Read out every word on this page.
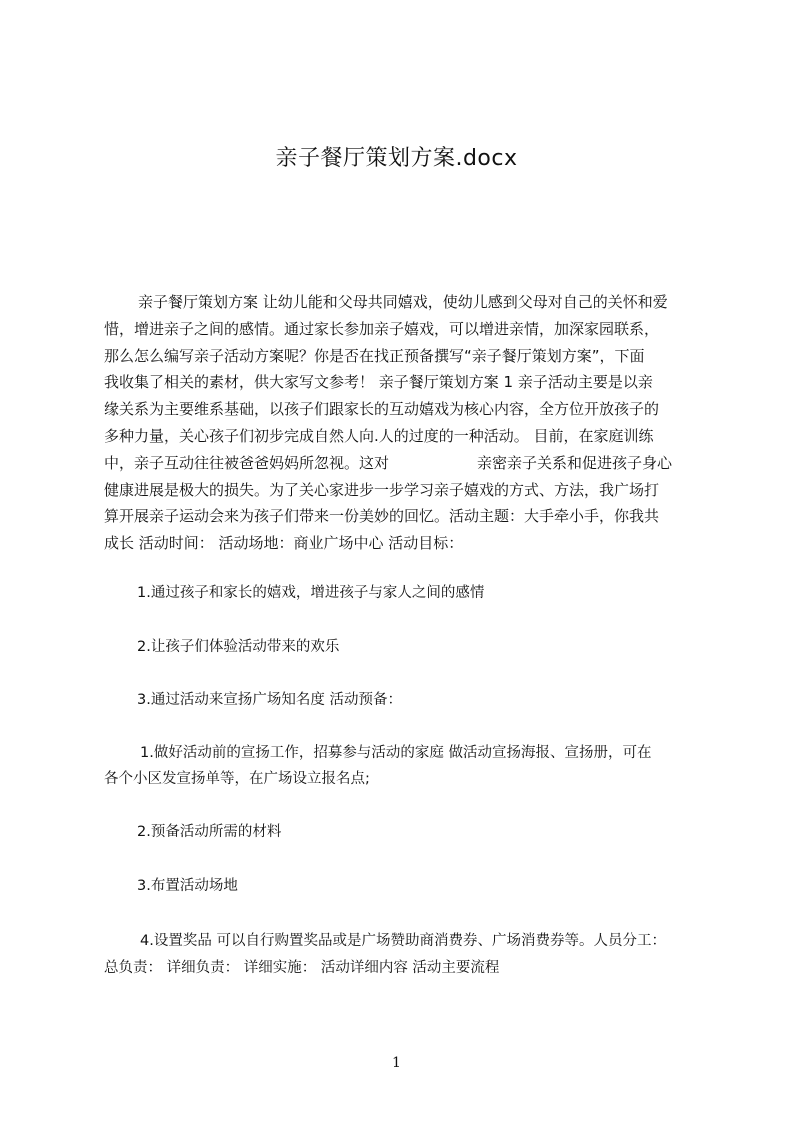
亲子餐厅策划方案.docx
亲子餐厅策划方案 让幼儿能和父母共同嬉戏，使幼儿感到父母对自己的关怀和爱
惜，增进亲子之间的感情。通过家长参加亲子嬉戏，可以增进亲情，加深家园联系，
那么怎么编写亲子活动方案呢？你是否在找正预备撰写“亲子餐厅策划方案”，下面
我收集了相关的素材，供大家写文参考！ 亲子餐厅策划方案 1 亲子活动主要是以亲
缘关系为主要维系基础，以孩子们跟家长的互动嬉戏为核心内容，全方位开放孩子的
多种力量，关心孩子们初步完成自然人向.人的过度的一种活动。 目前，在家庭训练
中，亲子互动往往被爸爸妈妈所忽视。这对	亲密亲子关系和促进孩子身心
健康进展是极大的损失。为了关心家进步一步学习亲子嬉戏的方式、方法，我广场打
算开展亲子运动会来为孩子们带来一份美妙的回忆。活动主题：大手牵小手，你我共
成长 活动时间： 活动场地：商业广场中心 活动目标：

1.通过孩子和家长的嬉戏，增进孩子与家人之间的感情

2.让孩子们体验活动带来的欢乐

3.通过活动来宣扬广场知名度 活动预备：

1.做好活动前的宣扬工作，招募参与活动的家庭 做活动宣扬海报、宣扬册，可在

各个小区发宣扬单等，在广场设立报名点;

2.预备活动所需的材料

3.布置活动场地

4.设置奖品 可以自行购置奖品或是广场赞助商消费券、广场消费券等。人员分工：

总负责： 详细负责： 详细实施： 活动详细内容 活动主要流程

1
